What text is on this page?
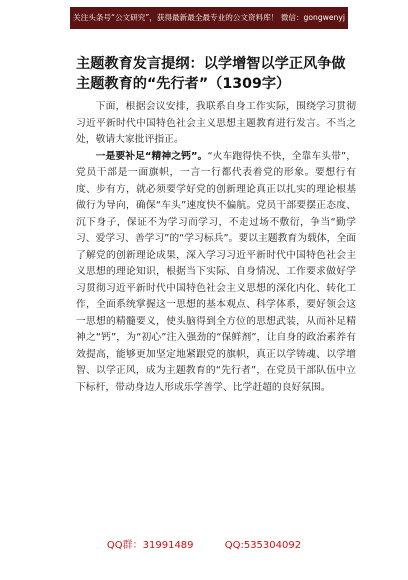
关注头条号“公文研究”，获得最新最全最专业的公文资料库！ 微信：gongwenyj
主题教育发言提纲：以学增智以学正风争做主题教育的“先行者”（1309字）

下面，根据会议安排，我联系自身工作实际，围绕学习贯彻习近平新时代中国特色社会主义思想主题教育进行发言。不当之处，敬请大家批评指正。

一是要补足“精神之钙”。“火车跑得快不快，全靠车头带”，党员干部是一面旗帜，一言一行都代表着党的形象。要想行有度、步有方，就必须要学好党的创新理论真正以扎实的理论根基做行为导向，确保“车头”速度快不偏航。党员干部要摆正态度、沉下身子，保证不为学习而学习，不走过场不敷衍，争当“勤学习、爱学习、善学习”的“学习标兵”。要以主题教育为载体，全面了解党的创新理论成果，深入学习习近平新时代中国特色社会主义思想的理论知识，根据当下实际、自身情况、工作要求做好学习贯彻习近平新时代中国特色社会主义思想的深化内化、转化工作，全面系统掌握这一思想的基本观点、科学体系，要好领会这一思想的精髓要义，使头脑得到全方位的思想武装，从而补足精神之“钙”，为“初心”注入强劲的“保鲜剂”，让自身的政治素养有效提高，能够更加坚定地紧跟党的旗帜，真正以学铸魂、以学增智、以学正风，成为主题教育的“先行者”，在党员干部队伍中立下标杆，带动身边人形成乐学善学、比学赶超的良好氛围。

QQ群：31991489	QQ:535304092
